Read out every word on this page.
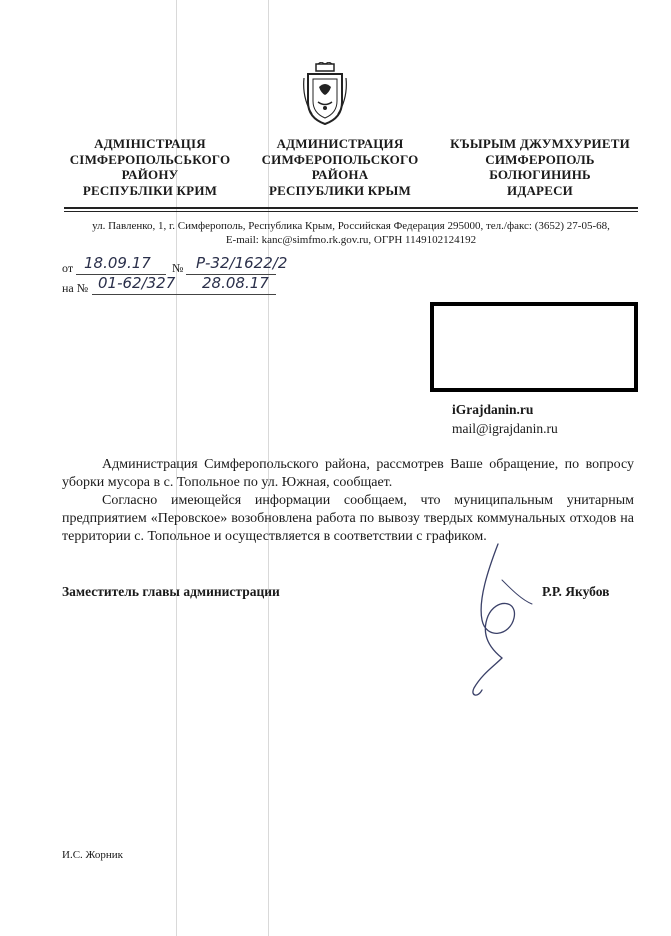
АДМІНІСТРАЦІЯ
СІМФЕРОПОЛЬСЬКОГО
РАЙОНУ
РЕСПУБЛІКИ КРИМ
АДМИНИСТРАЦИЯ
СИМФЕРОПОЛЬСКОГО
РАЙОНА
РЕСПУБЛИКИ КРЫМ
КЪЫРЫМ ДЖУМХУРИЕТИ
СИМФЕРОПОЛЬ
БОЛЮГИНИНЬ
ИДАРЕСИ
ул. Павленко, 1, г. Симферополь, Республика Крым, Российская Федерация 295000, тел./факс: (3652) 27-05-68,
E-mail: kanc@simfmo.rk.gov.ru, ОГРН 1149102124192
от 18.09.17 № Р-32/1622/2
на № 01-62/327 28.08.17
iGrajdanin.ru
mail@igrajdanin.ru
Администрация Симферопольского района, рассмотрев Ваше обращение, по вопросу уборки мусора в с. Топольное по ул. Южная, сообщает.
Согласно имеющейся информации сообщаем, что муниципальным унитарным предприятием «Перовское» возобновлена работа по вывозу твердых коммунальных отходов на территории с. Топольное и осуществляется в соответствии с графиком.
Заместитель главы администрации	Р.Р. Якубов
И.С. Жорник
